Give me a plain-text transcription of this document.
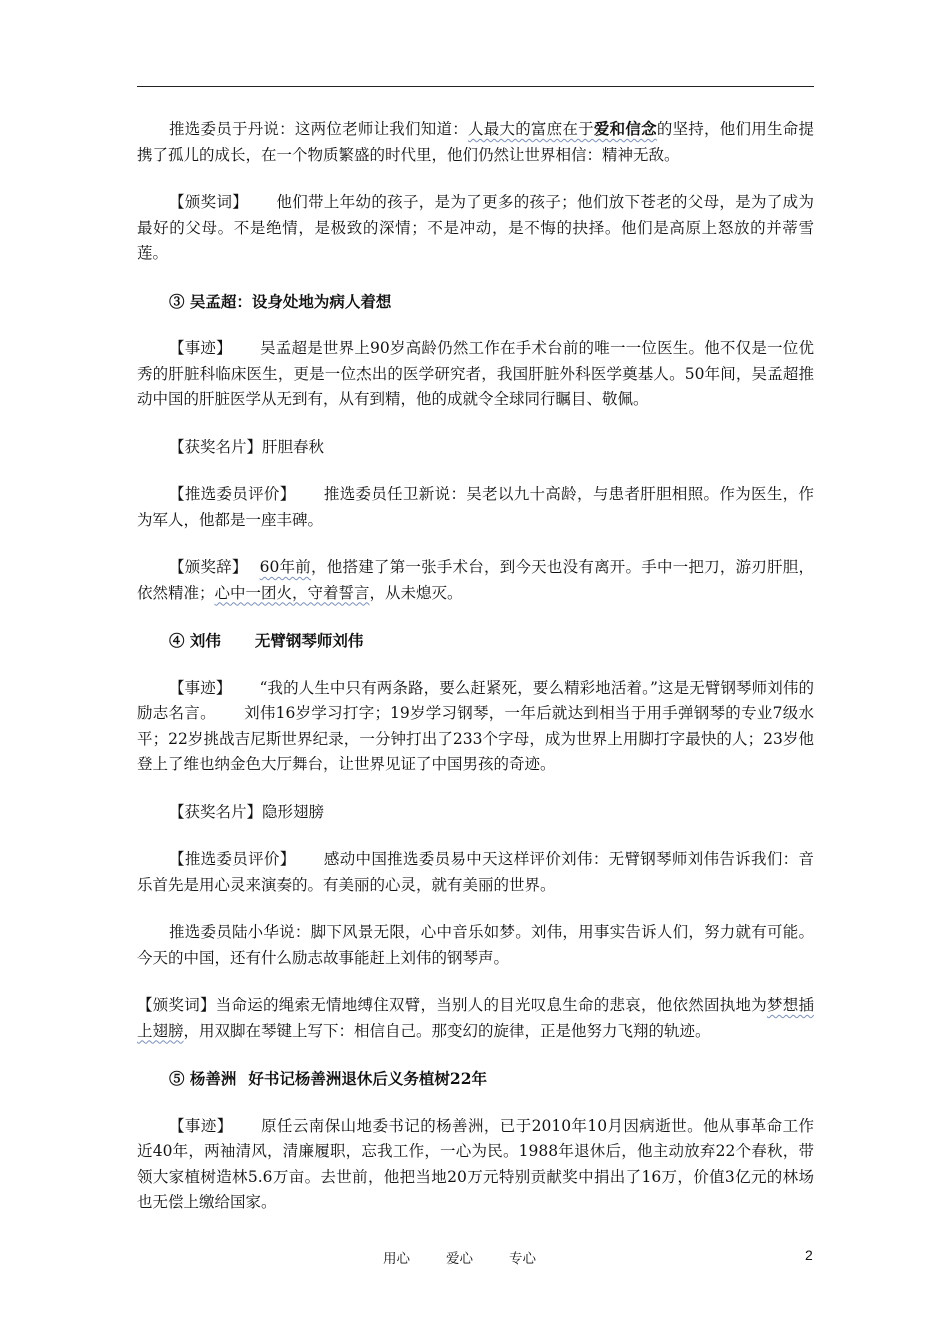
推选委员于丹说：这两位老师让我们知道：人最大的富庶在于爱和信念的坚持，他们用生命提携了孤儿的成长，在一个物质繁盛的时代里，他们仍然让世界相信：精神无敌。

【颁奖词】 他们带上年幼的孩子，是为了更多的孩子；他们放下苍老的父母，是为了成为最好的父母。不是绝情，是极致的深情；不是冲动，是不悔的抉择。他们是高原上怒放的并蒂雪莲。

③ 吴孟超：设身处地为病人着想

【事迹】 吴孟超是世界上90岁高龄仍然工作在手术台前的唯一一位医生。他不仅是一位优秀的肝脏科临床医生，更是一位杰出的医学研究者，我国肝脏外科医学奠基人。50年间，吴孟超推动中国的肝脏医学从无到有，从有到精，他的成就令全球同行瞩目、敬佩。

【获奖名片】肝胆春秋

【推选委员评价】 推选委员任卫新说：吴老以九十高龄，与患者肝胆相照。作为医生，作为军人，他都是一座丰碑。

【颁奖辞】 60年前，他搭建了第一张手术台，到今天也没有离开。手中一把刀，游刃肝胆，依然精准；心中一团火，守着誓言，从未熄灭。

④ 刘伟 无臂钢琴师刘伟

【事迹】 “我的人生中只有两条路，要么赶紧死，要么精彩地活着。”这是无臂钢琴师刘伟的励志名言。 刘伟16岁学习打字；19岁学习钢琴，一年后就达到相当于用手弹钢琴的专业7级水平；22岁挑战吉尼斯世界纪录，一分钟打出了233个字母，成为世界上用脚打字最快的人；23岁他登上了维也纳金色大厅舞台，让世界见证了中国男孩的奇迹。

【获奖名片】隐形翅膀

【推选委员评价】 感动中国推选委员易中天这样评价刘伟：无臂钢琴师刘伟告诉我们：音乐首先是用心灵来演奏的。有美丽的心灵，就有美丽的世界。

推选委员陆小华说：脚下风景无限，心中音乐如梦。刘伟，用事实告诉人们，努力就有可能。今天的中国，还有什么励志故事能赶上刘伟的钢琴声。

【颁奖词】当命运的绳索无情地缚住双臂，当别人的目光叹息生命的悲哀，他依然固执地为梦想插上翅膀，用双脚在琴键上写下：相信自己。那变幻的旋律，正是他努力飞翔的轨迹。

⑤ 杨善洲 好书记杨善洲退休后义务植树22年

【事迹】 原任云南保山地委书记的杨善洲，已于2010年10月因病逝世。他从事革命工作近40年，两袖清风，清廉履职，忘我工作，一心为民。1988年退休后，他主动放弃22个春秋，带领大家植树造林5.6万亩。去世前，他把当地20万元特别贡献奖中捐出了16万，价值3亿元的林场也无偿上缴给国家。

用心	爱心	专心	2
